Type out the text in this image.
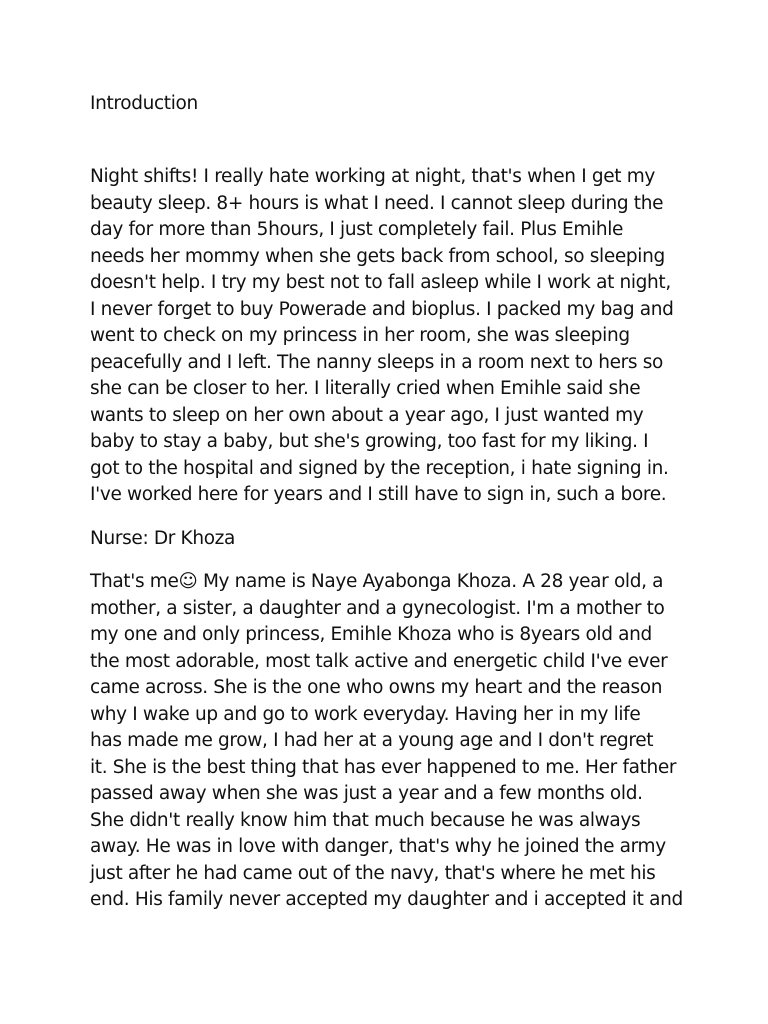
Introduction
Night shifts! I really hate working at night, that's when I get my
beauty sleep. 8+ hours is what I need. I cannot sleep during the
day for more than 5hours, I just completely fail. Plus Emihle
needs her mommy when she gets back from school, so sleeping
doesn't help. I try my best not to fall asleep while I work at night,
I never forget to buy Powerade and bioplus. I packed my bag and
went to check on my princess in her room, she was sleeping
peacefully and I left. The nanny sleeps in a room next to hers so
she can be closer to her. I literally cried when Emihle said she
wants to sleep on her own about a year ago, I just wanted my
baby to stay a baby, but she's growing, too fast for my liking. I
got to the hospital and signed by the reception, i hate signing in.
I've worked here for years and I still have to sign in, such a bore.
Nurse: Dr Khoza
That's me☺ My name is Naye Ayabonga Khoza. A 28 year old, a
mother, a sister, a daughter and a gynecologist. I'm a mother to
my one and only princess, Emihle Khoza who is 8years old and
the most adorable, most talk active and energetic child I've ever
came across. She is the one who owns my heart and the reason
why I wake up and go to work everyday. Having her in my life
has made me grow, I had her at a young age and I don't regret
it. She is the best thing that has ever happened to me. Her father
passed away when she was just a year and a few months old.
She didn't really know him that much because he was always
away. He was in love with danger, that's why he joined the army
just after he had came out of the navy, that's where he met his
end. His family never accepted my daughter and i accepted it and
